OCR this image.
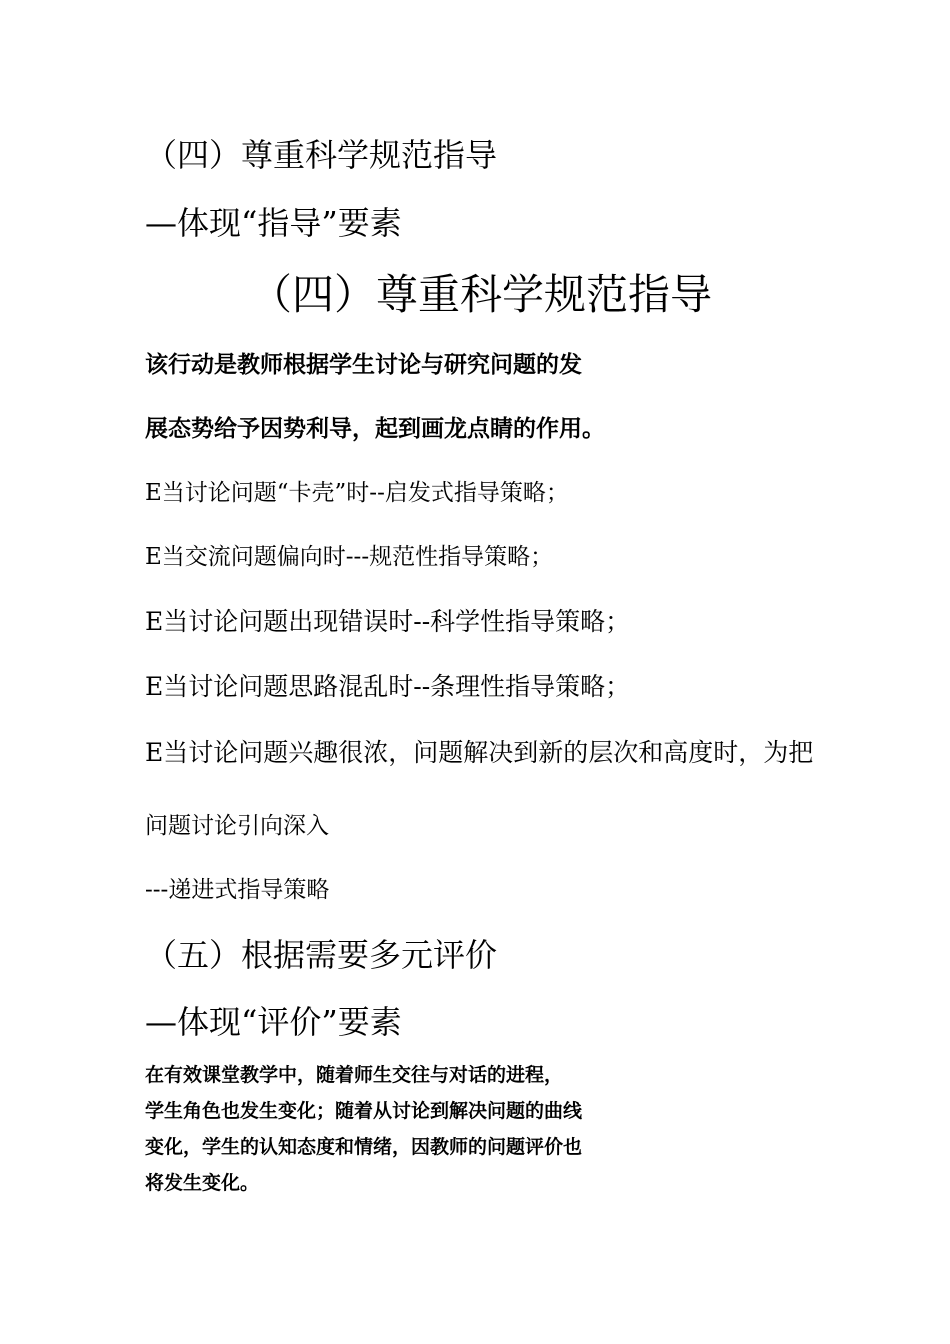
（四）尊重科学规范指导
—体现“指导”要素
（四）尊重科学规范指导

该行动是教师根据学生讨论与研究问题的发

展态势给予因势利导，起到画龙点睛的作用。

E当讨论问题“卡壳”时--启发式指导策略；

E当交流问题偏向时---规范性指导策略；

E当讨论问题出现错误时--科学性指导策略；

E当讨论问题思路混乱时--条理性指导策略；

E当讨论问题兴趣很浓，问题解决到新的层次和高度时，为把

问题讨论引向深入

---递进式指导策略

（五）根据需要多元评价
—体现“评价”要素

在有效课堂教学中，随着师生交往与对话的进程，

学生角色也发生变化；随着从讨论到解决问题的曲线

变化，学生的认知态度和情绪，因教师的问题评价也

将发生变化。
